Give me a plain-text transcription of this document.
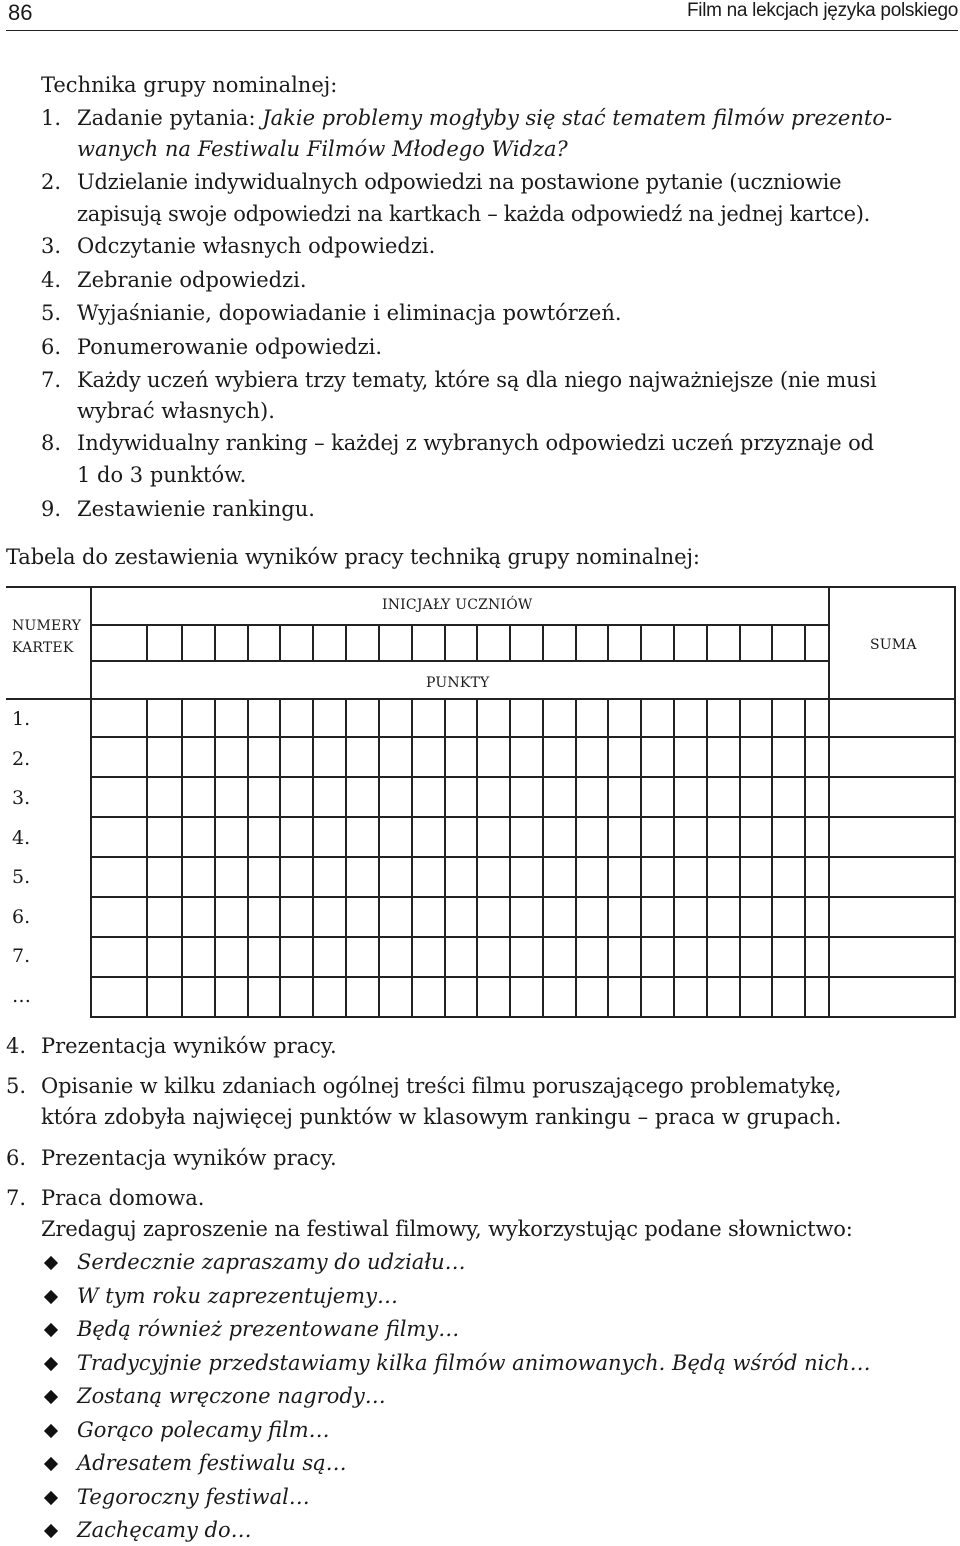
86	Film na lekcjach języka polskiego
Technika grupy nominalnej:
1. Zadanie pytania: Jakie problemy mogłyby się stać tematem filmów prezento-
wanych na Festiwalu Filmów Młodego Widza?
2. Udzielanie indywidualnych odpowiedzi na postawione pytanie (uczniowie
zapisują swoje odpowiedzi na kartkach – każda odpowiedź na jednej kartce).
3. Odczytanie własnych odpowiedzi.
4. Zebranie odpowiedzi.
5. Wyjaśnianie, dopowiadanie i eliminacja powtórzeń.
6. Ponumerowanie odpowiedzi.
7. Każdy uczeń wybiera trzy tematy, które są dla niego najważniejsze (nie musi
wybrać własnych).
8. Indywidualny ranking – każdej z wybranych odpowiedzi uczeń przyznaje od
1 do 3 punktów.
9. Zestawienie rankingu.
Tabela do zestawienia wyników pracy techniką grupy nominalnej:
NUMERY
KARTEK
INICJAŁY UCZNIÓW
PUNKTY
SUMA
1.
2.
3.
4.
5.
6.
7.
…
4. Prezentacja wyników pracy.
5. Opisanie w kilku zdaniach ogólnej treści filmu poruszającego problematykę,
która zdobyła najwięcej punktów w klasowym rankingu – praca w grupach.
6. Prezentacja wyników pracy.
7. Praca domowa.
Zredaguj zaproszenie na festiwal filmowy, wykorzystując podane słownictwo:
Serdecznie zapraszamy do udziału…
W tym roku zaprezentujemy…
Będą również prezentowane filmy…
Tradycyjnie przedstawiamy kilka filmów animowanych. Będą wśród nich…
Zostaną wręczone nagrody…
Gorąco polecamy film…
Adresatem festiwalu są…
Tegoroczny festiwal…
Zachęcamy do…
